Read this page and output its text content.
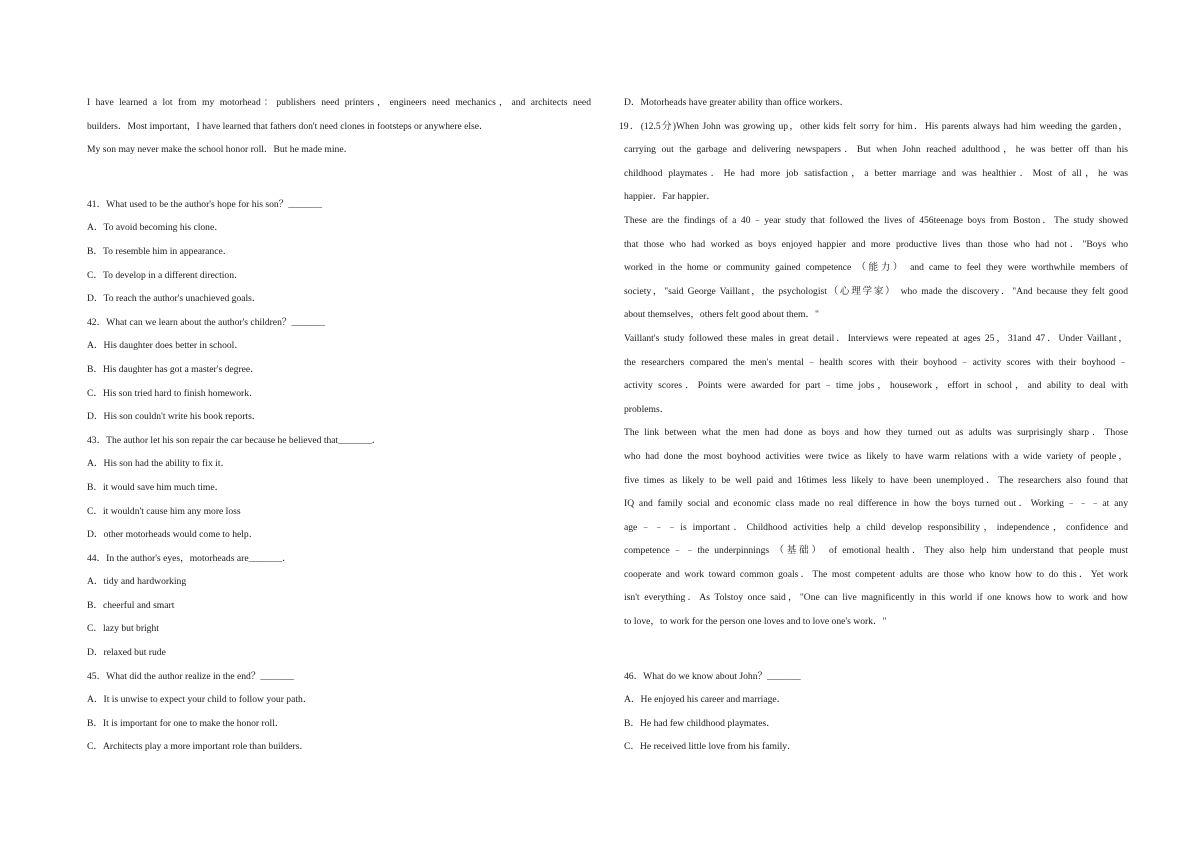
I have learned a lot from my motorhead：publishers need printers，engineers need mechanics，and architects need
builders．Most important，I have learned that fathers don't need clones in footsteps or anywhere else．
My son may never make the school honor roll．But he made mine．
41．What used to be the author's hope for his son？_______
A．To avoid becoming his clone．
B．To resemble him in appearance．
C．To develop in a different direction．
D．To reach the author's unachieved goals．
42．What can we learn about the author's children？_______
A．His daughter does better in school．
B．His daughter has got a master's degree．
C．His son tried hard to finish homework．
D．His son couldn't write his book reports．
43．The author let his son repair the car because he believed that_______．
A．His son had the ability to fix it．
B．it would save him much time．
C．it wouldn't cause him any more loss
D．other motorheads would come to help．
44．In the author's eyes，motorheads are_______．
A．tidy and hardworking
B．cheerful and smart
C．lazy but bright
D．relaxed but rude
45．What did the author realize in the end？_______
A．It is unwise to expect your child to follow your path．
B．It is important for one to make the honor roll．
C．Architects play a more important role than builders．
D．Motorheads have greater ability than office workers．
19．(12.5分)When John was growing up，other kids felt sorry for him．His parents always had him weeding the garden，
carrying out the garbage and delivering newspapers．But when John reached adulthood，he was better off than his
childhood playmates．He had more job satisfaction，a better marriage and was healthier．Most of all，he was
happier．Far happier．
These are the findings of a 40﹣year study that followed the lives of 456teenage boys from Boston．The study showed
that those who had worked as boys enjoyed happier and more productive lives than those who had not．"Boys who
worked in the home or community gained competence （能力） and came to feel they were worthwhile members of
society，"said George Vaillant，the psychologist（心理学家） who made the discovery．"And because they felt good
about themselves，others felt good about them．"
Vaillant's study followed these males in great detail．Interviews were repeated at ages 25，31and 47．Under Vaillant，
the researchers compared the men's mental﹣health scores with their boyhood﹣activity scores with their boyhood﹣
activity scores．Points were awarded for part﹣time jobs，housework，effort in school，and ability to deal with
problems．
The link between what the men had done as boys and how they turned out as adults was surprisingly sharp．Those
who had done the most boyhood activities were twice as likely to have warm relations with a wide variety of people，
five times as likely to be well paid and 16times less likely to have been unemployed．The researchers also found that
IQ and family social and economic class made no real difference in how the boys turned out．Working﹣﹣﹣at any
age﹣﹣﹣is important．Childhood activities help a child develop responsibility，independence，confidence and
competence﹣﹣the underpinnings （基础） of emotional health．They also help him understand that people must
cooperate and work toward common goals．The most competent adults are those who know how to do this．Yet work
isn't everything．As Tolstoy once said，"One can live magnificently in this world if one knows how to work and how
to love，to work for the person one loves and to love one's work．"
46．What do we know about John？_______
A．He enjoyed his career and marriage．
B．He had few childhood playmates．
C．He received little love from his family．
